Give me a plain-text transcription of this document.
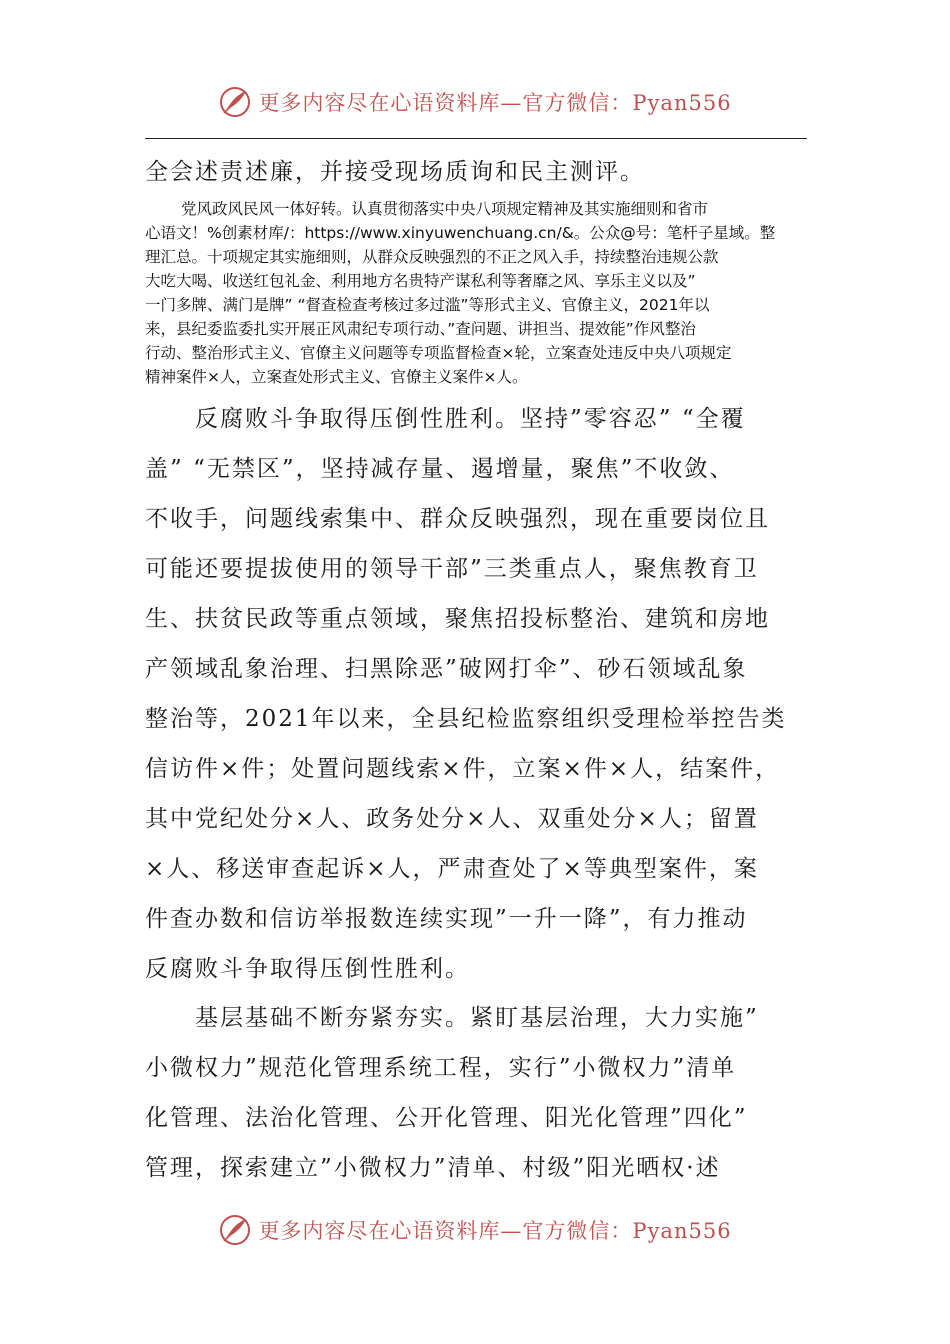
更多内容尽在心语资料库—官方微信：Pyan556
全会述责述廉，并接受现场质询和民主测评。
党风政风民风一体好转。认真贯彻落实中央八项规定精神及其实施细则和省市
心语文！%创素材库/：https://www.xinyuwenchuang.cn/&。公众@号：笔杆子星域。整
理汇总。十项规定其实施细则，从群众反映强烈的不正之风入手，持续整治违规公款
大吃大喝、收送红包礼金、利用地方名贵特产谋私利等奢靡之风、享乐主义以及”
一门多牌、满门是牌” “督查检查考核过多过滥”等形式主义、官僚主义，2021年以
来，县纪委监委扎实开展正风肃纪专项行动、”查问题、讲担当、提效能”作风整治
行动、整治形式主义、官僚主义问题等专项监督检查×轮，立案查处违反中央八项规定
精神案件×人，立案查处形式主义、官僚主义案件×人。
　　反腐败斗争取得压倒性胜利。坚持”零容忍” “全覆
盖” “无禁区”，坚持减存量、遏增量，聚焦”不收敛、
不收手，问题线索集中、群众反映强烈，现在重要岗位且
可能还要提拔使用的领导干部”三类重点人，聚焦教育卫
生、扶贫民政等重点领域，聚焦招投标整治、建筑和房地
产领域乱象治理、扫黑除恶”破网打伞”、砂石领域乱象
整治等，2021年以来，全县纪检监察组织受理检举控告类
信访件×件；处置问题线索×件，立案×件×人，结案件，
其中党纪处分×人、政务处分×人、双重处分×人；留置
×人、移送审查起诉×人，严肃查处了×等典型案件，案
件查办数和信访举报数连续实现”一升一降”，有力推动
反腐败斗争取得压倒性胜利。
　　基层基础不断夯紧夯实。紧盯基层治理，大力实施”
小微权力”规范化管理系统工程，实行”小微权力”清单
化管理、法治化管理、公开化管理、阳光化管理”四化”
管理，探索建立”小微权力”清单、村级”阳光晒权·述
更多内容尽在心语资料库—官方微信：Pyan556
